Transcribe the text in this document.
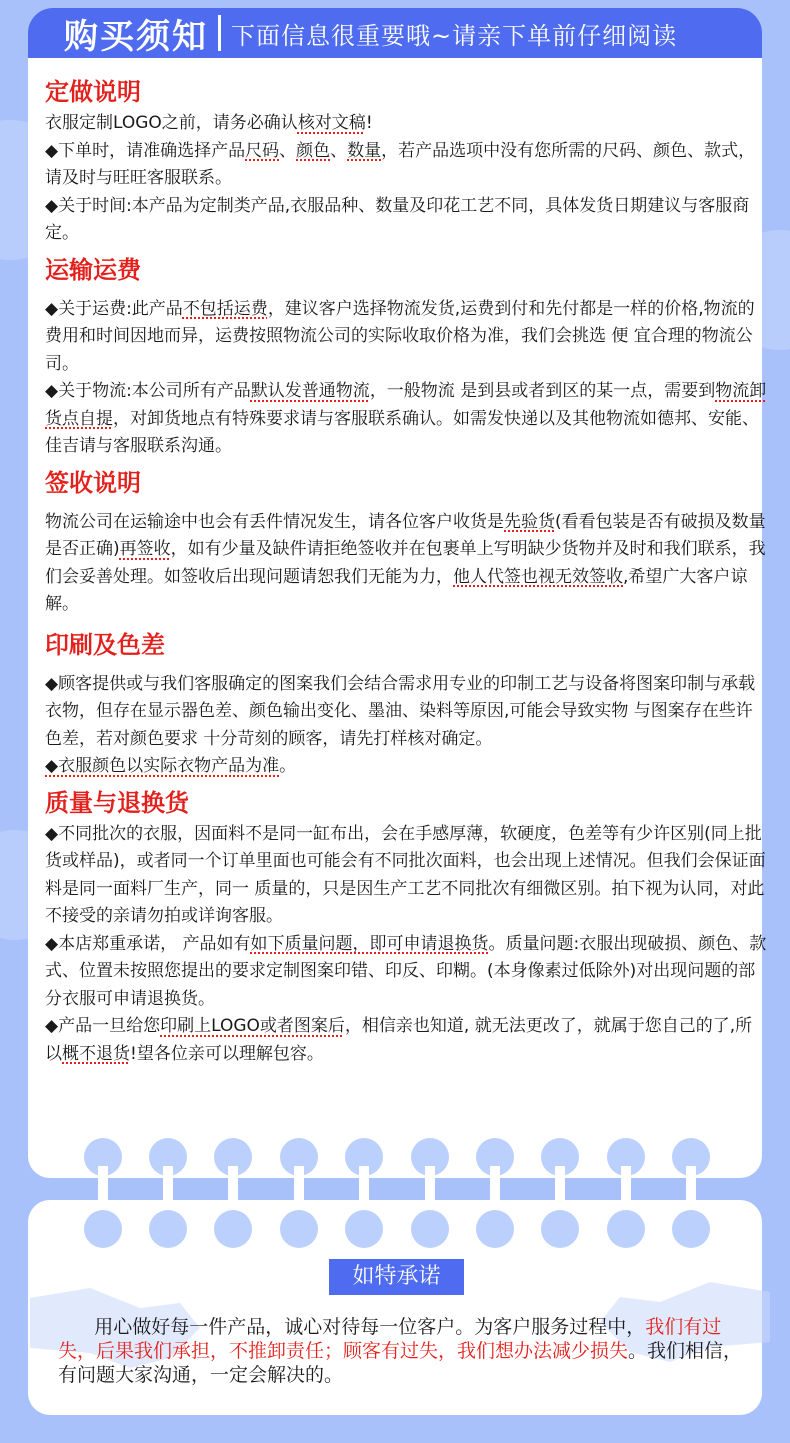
购买须知 下面信息很重要哦~请亲下单前仔细阅读
定做说明

衣服定制LOGO之前，请务必确认核对文稿!

◆下单时，请准确选择产品尺码、颜色、数量，若产品选项中没有您所需的尺码、颜色、款式，请及时与旺旺客服联系。

◆关于时间:本产品为定制类产品,衣服品种、数量及印花工艺不同，具体发货日期建议与客服商定。

运输运费

◆关于运费:此产品不包括运费，建议客户选择物流发货,运费到付和先付都是一样的价格,物流的费用和时间因地而异，运费按照物流公司的实际收取价格为准，我们会挑选 便 宜合理的物流公司。

◆关于物流:本公司所有产品默认发普通物流，一般物流 是到县或者到区的某一点，需要到物流卸货点自提，对卸货地点有特殊要求请与客服联系确认。如需发快递以及其他物流如德邦、安能、佳吉请与客服联系沟通。

签收说明

物流公司在运输途中也会有丢件情况发生，请各位客户收货是先验货(看看包装是否有破损及数量是否正确)再签收，如有少量及缺件请拒绝签收并在包裹单上写明缺少货物并及时和我们联系，我们会妥善处理。如签收后出现问题请恕我们无能为力，他人代签也视无效签收,希望广大客户谅解。

印刷及色差

◆顾客提供或与我们客服确定的图案我们会结合需求用专业的印制工艺与设备将图案印制与承载衣物，但存在显示器色差、颜色输出变化、墨油、染料等原因,可能会导致实物 与图案存在些许色差，若对颜色要求 十分苛刻的顾客，请先打样核对确定。

◆衣服颜色以实际衣物产品为准。

质量与退换货

◆不同批次的衣服，因面料不是同一缸布出，会在手感厚薄，软硬度，色差等有少许区别(同上批货或样品)，或者同一个订单里面也可能会有不同批次面料，也会出现上述情况。但我们会保证面料是同一面料厂生产，同一 质量的，只是因生产工艺不同批次有细微区别。拍下视为认同，对此不接受的亲请勿拍或详询客服。

◆本店郑重承诺， 产品如有如下质量问题，即可申请退换货。质量问题:衣服出现破损、颜色、款式、位置未按照您提出的要求定制图案印错、印反、印糊。(本身像素过低除外)对出现问题的部分衣服可申请退换货。

◆产品一旦给您印刷上LOGO或者图案后，相信亲也知道, 就无法更改了，就属于您自己的了,所以概不退货!望各位亲可以理解包容。

如特承诺

用心做好每一件产品，诚心对待每一位客户。为客户服务过程中，我们有过失，后果我们承担，不推卸责任；顾客有过失，我们想办法减少损失。我们相信，有问题大家沟通，一定会解决的。
